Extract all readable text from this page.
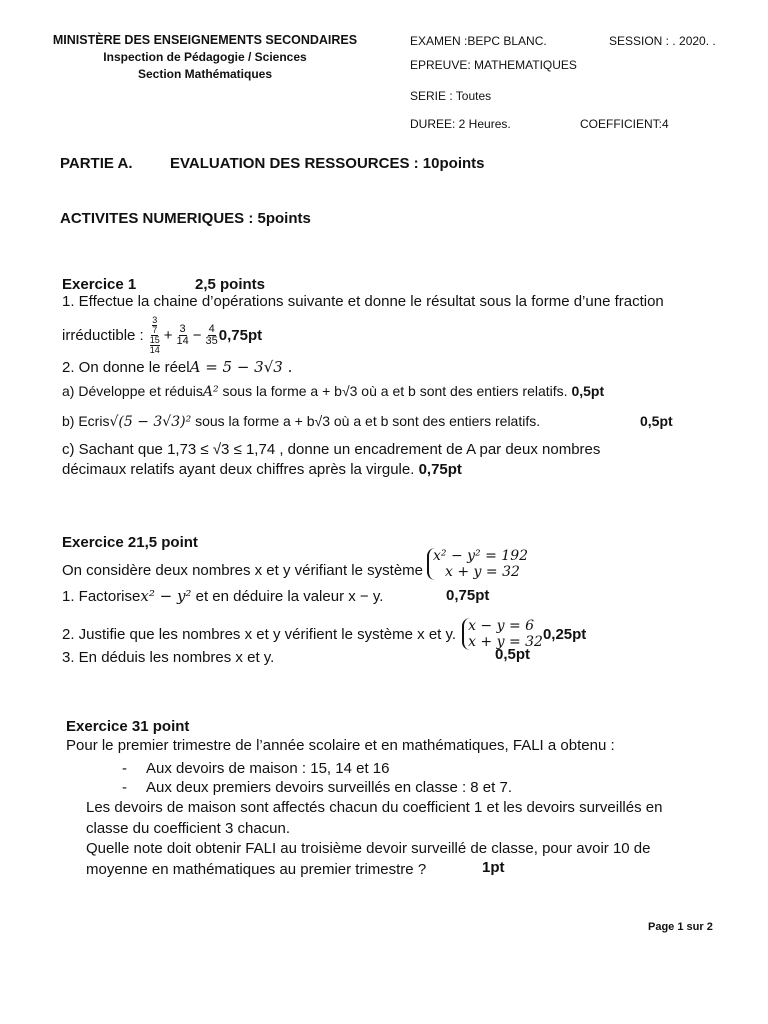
MINISTÈRE DES ENSEIGNEMENTS SECONDAIRES
Inspection de Pédagogie / Sciences
Section Mathématiques
EXAMEN :BEPC BLANC.	SESSION : . 2020. .
EPREUVE: MATHEMATIQUES
SERIE : Toutes
DUREE: 2 Heures.	COEFFICIENT:4
PARTIE A. EVALUATION DES RESSOURCES : 10points
ACTIVITES NUMERIQUES : 5points
Exercice 1	2,5 points
1. Effectue la chaine d’opérations suivante et donne le résultat sous la forme d’une fraction
irréductible : 3
7
15
$14 + \frac{3}{14} - \frac{4}{35} 0,75pt$
2. On donne le réelA = 5 − 3√3 .
a) Développe et réduisA² sous la forme a + b√3 où a et b sont des entiers relatifs. 0,5pt
b) Ecris√(5 − 3√3)² sous la forme a + b√3 où a et b sont des entiers relatifs.	0,5pt
c) Sachant que 1,73 ≤ √3 ≤ 1,74 , donne un encadrement de A par deux nombres
décimaux relatifs ayant deux chiffres après la virgule. 0,75pt
Exercice 21,5 point
On considère deux nombres x et y vérifiant le système
x² − y² = 192
x + y = 32
1. Factorisex² − y² et en déduire la valeur x − y.	0,75pt
2. Justifie que les nombres x et y vérifient le système x et y. x − y = 6
x + y = 32 0,25pt
3. En déduis les nombres x et y.	0,5pt
Exercice 31 point
Pour le premier trimestre de l’année scolaire et en mathématiques, FALI a obtenu :
- Aux devoirs de maison : 15, 14 et 16
- Aux deux premiers devoirs surveillés en classe : 8 et 7.
Les devoirs de maison sont affectés chacun du coefficient 1 et les devoirs surveillés en
classe du coefficient 3 chacun.
Quelle note doit obtenir FALI au troisième devoir surveillé de classe, pour avoir 10 de
moyenne en mathématiques au premier trimestre ?	1pt
Page 1 sur 2
